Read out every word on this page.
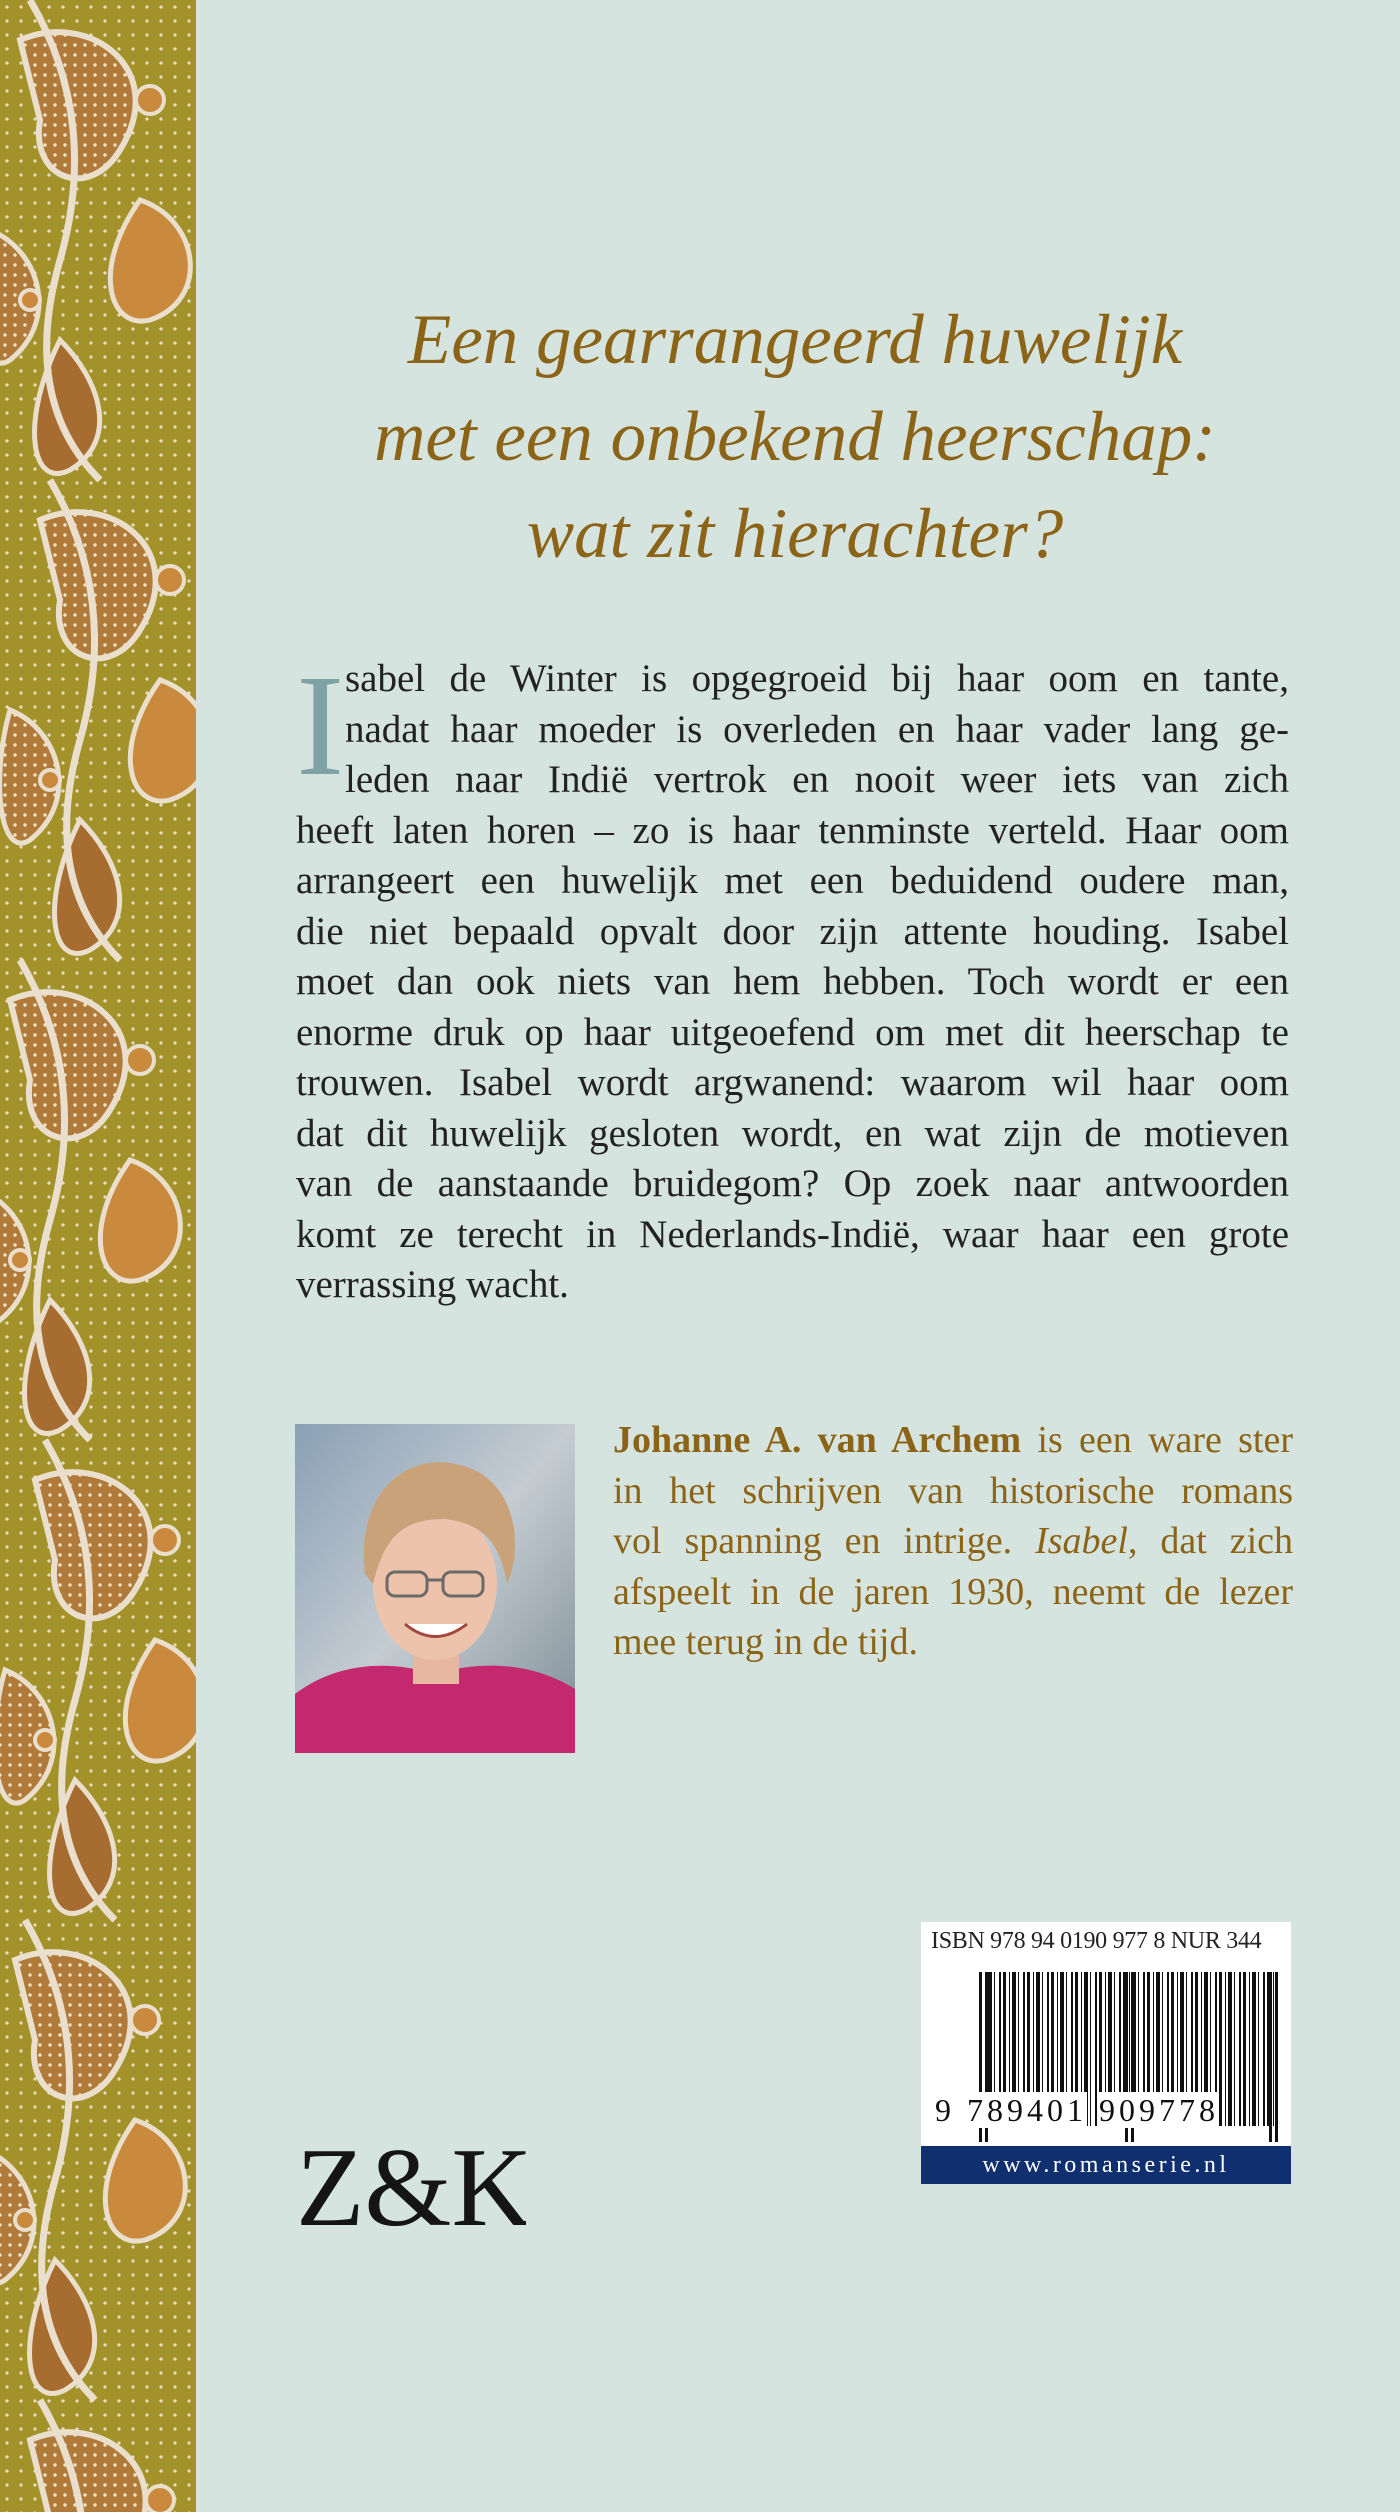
Een gearrangeerd huwelijk
met een onbekend heerschap:
wat zit hierachter?
I sabel de Winter is opgegroeid bij haar oom en tante,
nadat haar moeder is overleden en haar vader lang ge-
leden naar Indië vertrok en nooit weer iets van zich
heeft laten horen – zo is haar tenminste verteld. Haar oom
arrangeert een huwelijk met een beduidend oudere man,
die niet bepaald opvalt door zijn attente houding. Isabel
moet dan ook niets van hem hebben. Toch wordt er een
enorme druk op haar uitgeoefend om met dit heerschap te
trouwen. Isabel wordt argwanend: waarom wil haar oom
dat dit huwelijk gesloten wordt, en wat zijn de motieven
van de aanstaande bruidegom? Op zoek naar antwoorden
komt ze terecht in Nederlands-Indië, waar haar een grote
verrassing wacht.
Johanne A. van Archem is een ware ster
in het schrijven van historische romans
vol spanning en intrige. Isabel, dat zich
afspeelt in de jaren 1930, neemt de lezer
mee terug in de tijd.
ISBN 978 94 0190 977 8 NUR 344
9 789401 909778
www.romanserie.nl
Z&K
